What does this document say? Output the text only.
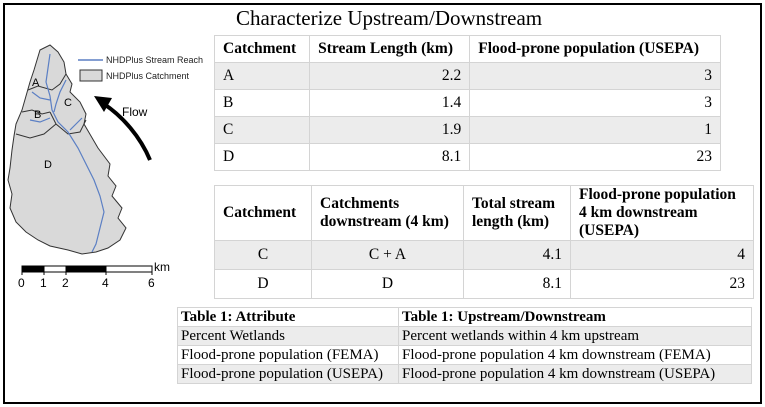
Characterize Upstream/Downstream
A
B
C
D
NHDPlus Stream Reach
NHDPlus Catchment
Flow
km
0 1 2	4	6
Catchment	Stream Length (km)	Flood-prone population (USEPA)
A	2.2	3
B	1.4	3
C	1.9	1
D	8.1	23
Catchment	Catchments downstream (4 km)	Total stream length (km)	Flood-prone population 4 km downstream (USEPA)
C	C + A	4.1	4
D	D	8.1	23
Table 1: Attribute	Table 1: Upstream/Downstream
Percent Wetlands	Percent wetlands within 4 km upstream
Flood-prone population (FEMA)	Flood-prone population 4 km downstream (FEMA)
Flood-prone population (USEPA)	Flood-prone population 4 km downstream (USEPA)
